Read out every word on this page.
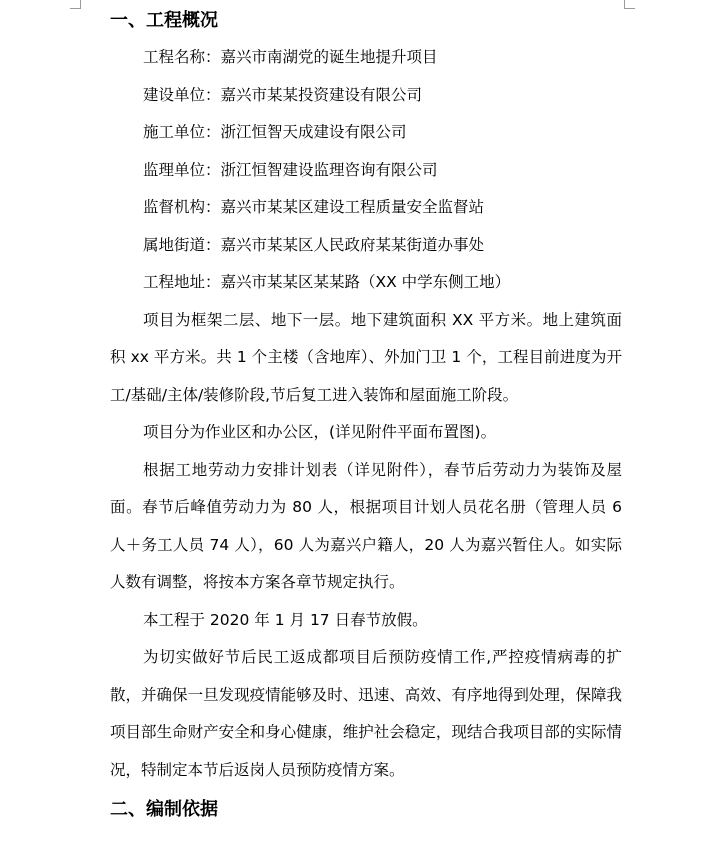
一、工程概况
工程名称：嘉兴市南湖党的诞生地提升项目
建设单位：嘉兴市某某投资建设有限公司
施工单位：浙江恒智天成建设有限公司
监理单位：浙江恒智建设监理咨询有限公司
监督机构：嘉兴市某某区建设工程质量安全监督站
属地街道：嘉兴市某某区人民政府某某街道办事处
工程地址：嘉兴市某某区某某路（XX 中学东侧工地）

项目为框架二层、地下一层。地下建筑面积 XX 平方米。地上建筑面积 xx 平方米。共 1 个主楼（含地库）、外加门卫 1 个，工程目前进度为开工/基础/主体/装修阶段,节后复工进入装饰和屋面施工阶段。

项目分为作业区和办公区，(详见附件平面布置图)。

根据工地劳动力安排计划表（详见附件），春节后劳动力为装饰及屋面。春节后峰值劳动力为 80 人，根据项目计划人员花名册（管理人员 6 人＋务工人员 74 人），60 人为嘉兴户籍人，20 人为嘉兴暂住人。如实际人数有调整，将按本方案各章节规定执行。

本工程于 2020 年 1 月 17 日春节放假。

为切实做好节后民工返成都项目后预防疫情工作,严控疫情病毒的扩散，并确保一旦发现疫情能够及时、迅速、高效、有序地得到处理，保障我项目部生命财产安全和身心健康，维护社会稳定，现结合我项目部的实际情况，特制定本节后返岗人员预防疫情方案。

二、编制依据
